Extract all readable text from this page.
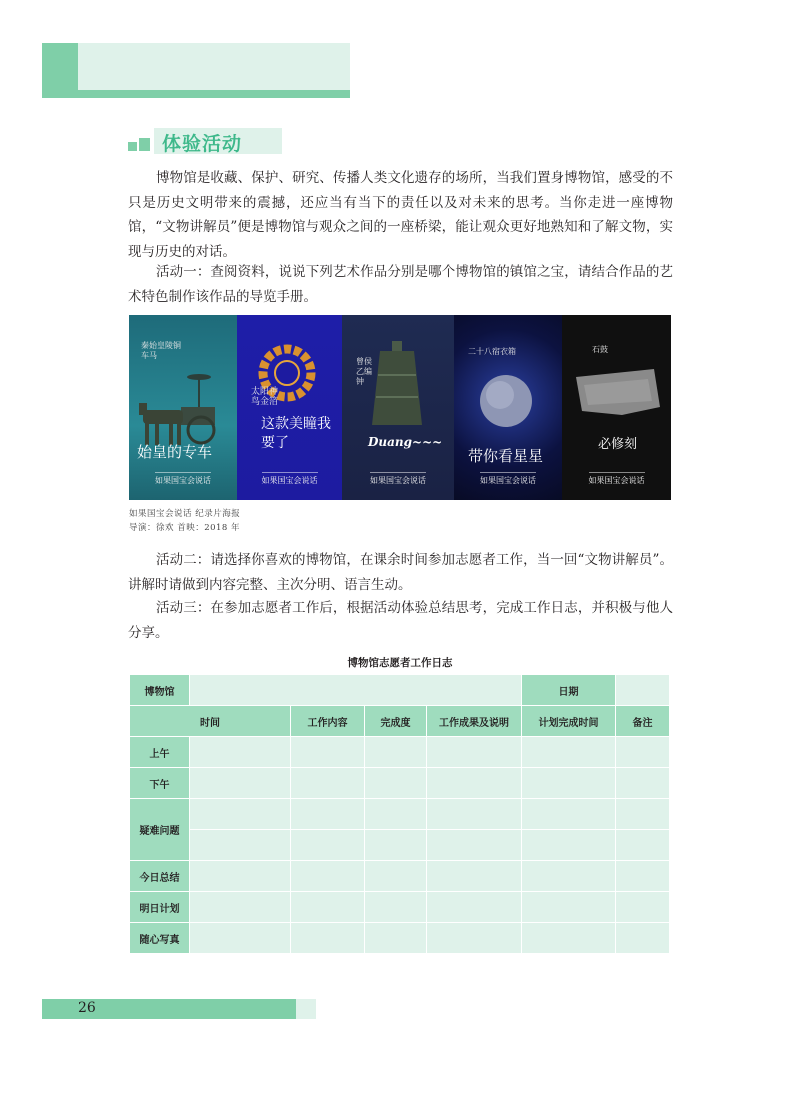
体验活动

博物馆是收藏、保护、研究、传播人类文化遗存的场所，当我们置身博物馆，感受的不只是历史文明带来的震撼，还应当有当下的责任以及对未来的思考。当你走进一座博物馆，“文物讲解员”便是博物馆与观众之间的一座桥梁，能让观众更好地熟知和了解文物，实现与历史的对话。

活动一：查阅资料，说说下列艺术作品分别是哪个博物馆的镇馆之宝，请结合作品的艺术特色制作该作品的导览手册。

秦始皇陵铜车马
始皇的专车
如果国宝会说话
太阳神鸟金箔
这款美瞳我要了
如果国宝会说话
曾侯乙编钟
Duang~~~
如果国宝会说话
二十八宿衣箱
带你看星星
如果国宝会说话
石鼓
必修刻
如果国宝会说话
如果国宝会说话 纪录片海报
导演：徐欢 首映：2018 年

活动二：请选择你喜欢的博物馆，在课余时间参加志愿者工作，当一回“文物讲解员”。讲解时请做到内容完整、主次分明、语言生动。

活动三：在参加志愿者工作后，根据活动体验总结思考，完成工作日志，并积极与他人分享。

博物馆志愿者工作日志
博物馆					日期	
时间		工作内容	完成度	工作成果及说明	计划完成时间	备注
上午						
下午						
疑难问题						

今日总结						
明日计划						
随心写真						
26
